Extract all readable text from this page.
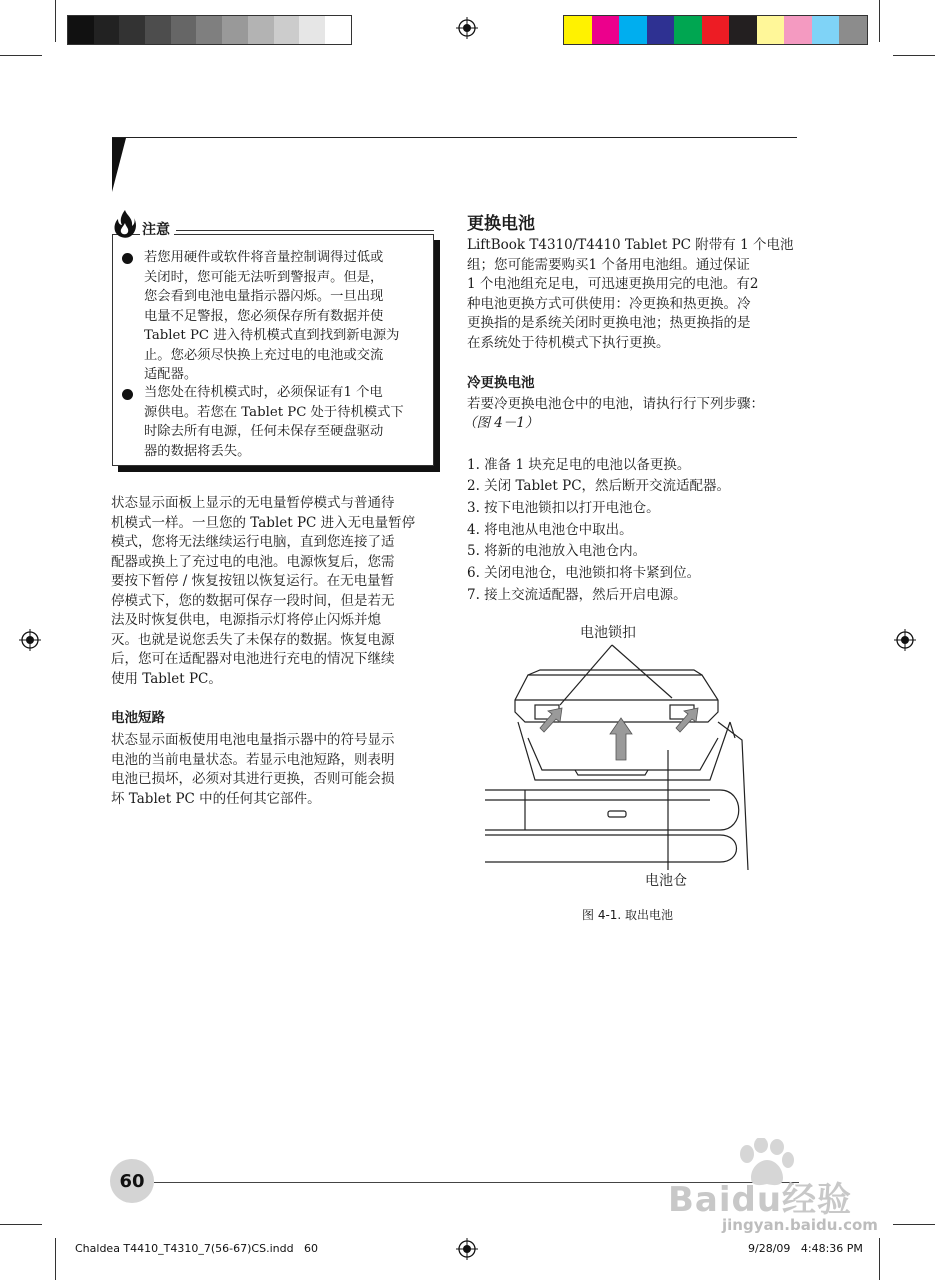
注意
若您用硬件或软件将音量控制调得过低或
关闭时，您可能无法听到警报声。但是，
您会看到电池电量指示器闪烁。一旦出现
电量不足警报，您必须保存所有数据并使
Tablet PC 进入待机模式直到找到新电源为
止。您必须尽快换上充过电的电池或交流
适配器。
当您处在待机模式时，必须保证有1 个电
源供电。若您在 Tablet PC 处于待机模式下
时除去所有电源，任何未保存至硬盘驱动
器的数据将丢失。
状态显示面板上显示的无电量暂停模式与普通待
机模式一样。一旦您的 Tablet PC 进入无电量暂停
模式，您将无法继续运行电脑，直到您连接了适
配器或换上了充过电的电池。电源恢复后，您需
要按下暂停 / 恢复按钮以恢复运行。在无电量暂
停模式下，您的数据可保存一段时间，但是若无
法及时恢复供电，电源指示灯将停止闪烁并熄
灭。也就是说您丢失了未保存的数据。恢复电源
后，您可在适配器对电池进行充电的情况下继续
使用 Tablet PC。
电池短路
状态显示面板使用电池电量指示器中的符号显示
电池的当前电量状态。若显示电池短路，则表明
电池已损坏，必须对其进行更换，否则可能会损
坏 Tablet PC 中的任何其它部件。
更换电池
LiftBook T4310/T4410 Tablet PC 附带有 1 个电池
组；您可能需要购买1 个备用电池组。通过保证
1 个电池组充足电，可迅速更换用完的电池。有2
种电池更换方式可供使用：冷更换和热更换。冷
更换指的是系统关闭时更换电池；热更换指的是
在系统处于待机模式下执行更换。
冷更换电池
若要冷更换电池仓中的电池，请执行行下列步骤：
（图 4－1）
1. 准备 1 块充足电的电池以备更换。
2. 关闭 Tablet PC，然后断开交流适配器。
3. 按下电池锁扣以打开电池仓。
4. 将电池从电池仓中取出。
5. 将新的电池放入电池仓内。
6. 关闭电池仓，电池锁扣将卡紧到位。
7. 接上交流适配器，然后开启电源。
电池锁扣
电池仓
图 4-1. 取出电池
60
Chaldea T4410_T4310_7(56-67)CS.indd   60	9/28/09   4:48:36 PM
Baidu经验
jingyan.baidu.com
